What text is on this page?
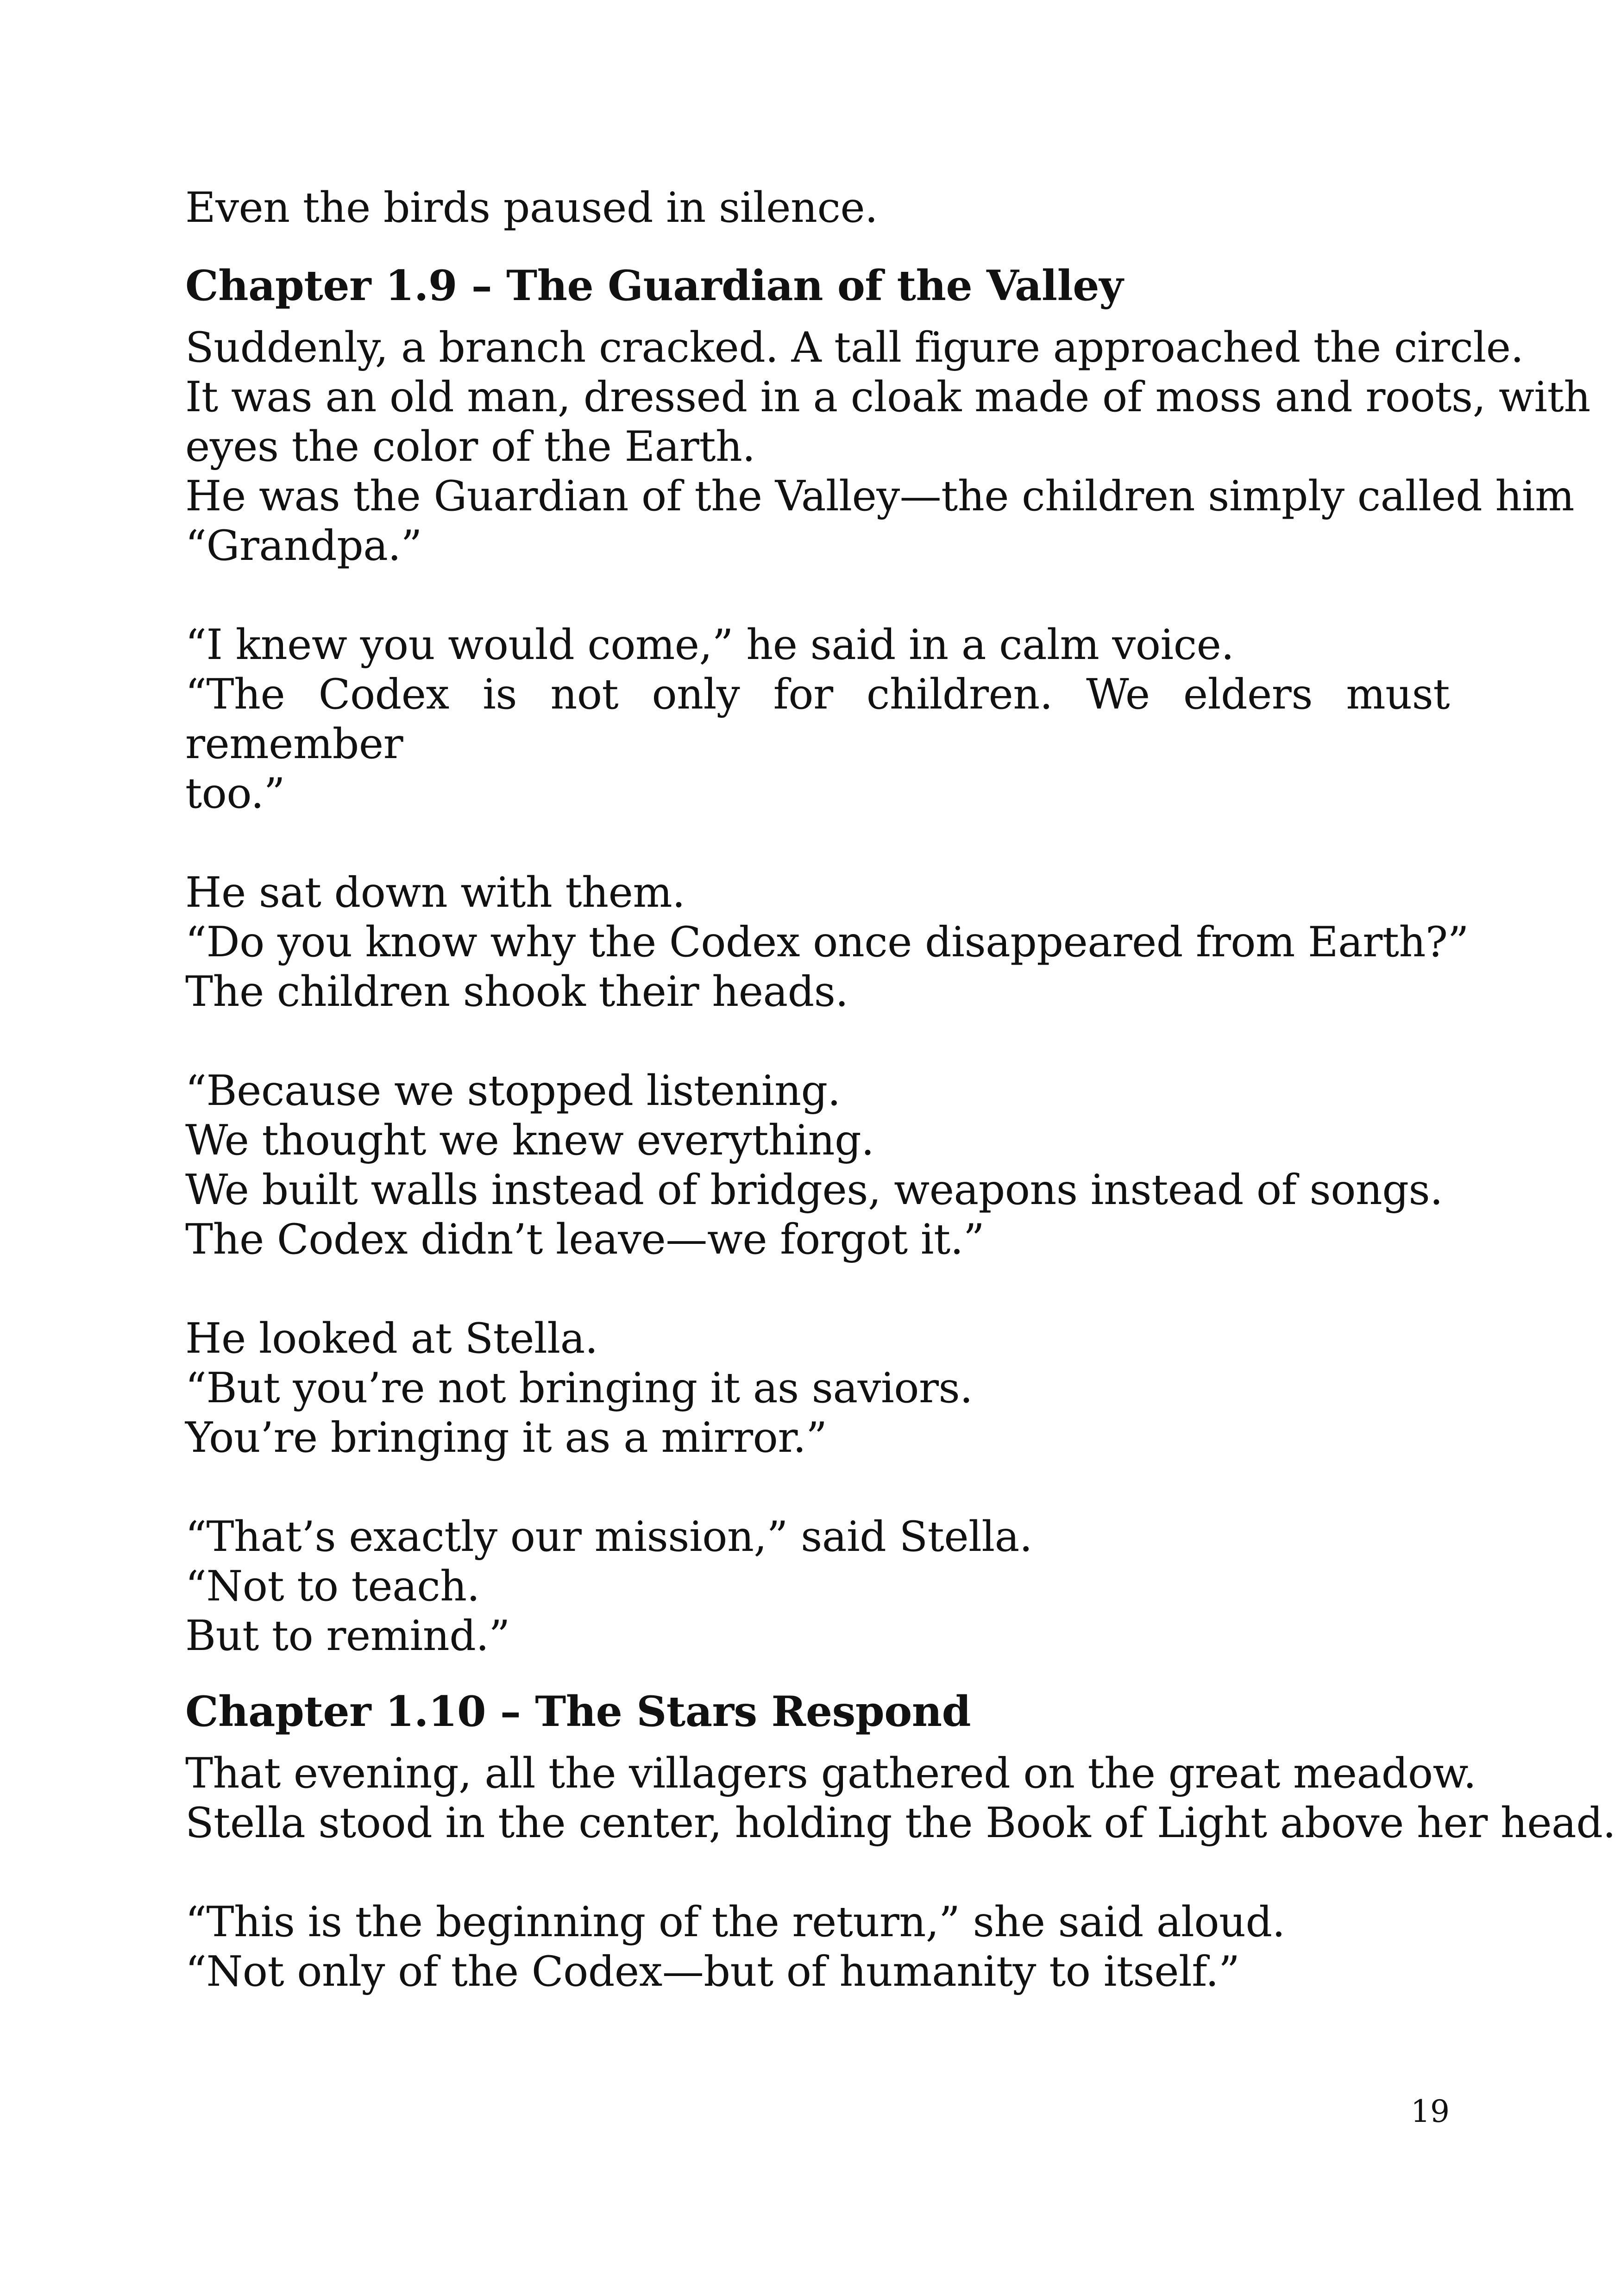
Even the birds paused in silence.
Chapter 1.9 – The Guardian of the Valley
Suddenly, a branch cracked. A tall figure approached the circle.
It was an old man, dressed in a cloak made of moss and roots, with
eyes the color of the Earth.
He was the Guardian of the Valley—the children simply called him
“Grandpa.”
“I knew you would come,” he said in a calm voice.
“The Codex is not only for children. We elders must remember
too.”
He sat down with them.
“Do you know why the Codex once disappeared from Earth?”
The children shook their heads.
“Because we stopped listening.
We thought we knew everything.
We built walls instead of bridges, weapons instead of songs.
The Codex didn’t leave—we forgot it.”
He looked at Stella.
“But you’re not bringing it as saviors.
You’re bringing it as a mirror.”
“That’s exactly our mission,” said Stella.
“Not to teach.
But to remind.”
Chapter 1.10 – The Stars Respond
That evening, all the villagers gathered on the great meadow.
Stella stood in the center, holding the Book of Light above her head.
“This is the beginning of the return,” she said aloud.
“Not only of the Codex—but of humanity to itself.”
19
